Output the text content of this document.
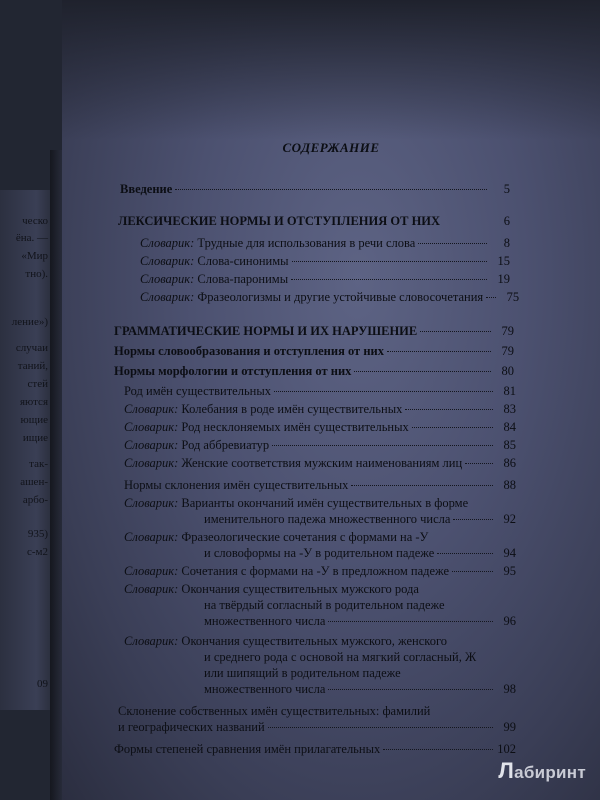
ческо
ёна. —
«Мир
тно).
ление»)
случаи
таний,
стей
яются
ющие
ищие
так-
ашен-
арбо-
935)
с-м2
09
СОДЕРЖАНИЕ
Введение	5
ЛЕКСИЧЕСКИЕ НОРМЫ И ОТСТУПЛЕНИЯ ОТ НИХ	6
Словарик:
Трудные для использования в речи слова	8
Словарик:
Слова-синонимы	15
Словарик:
Слова-паронимы	19
Словарик:
Фразеологизмы и другие устойчивые словосочетания	75
ГРАММАТИЧЕСКИЕ НОРМЫ И ИХ НАРУШЕНИЕ	79
Нормы словообразования и отступления от них	79
Нормы морфологии и отступления от них	80
Род имён существительных	81
Словарик:
Колебания в роде имён существительных	83
Словарик:
Род несклоняемых имён существительных	84
Словарик:
Род аббревиатур	85
Словарик:
Женские соответствия мужским наименованиям лиц	86
Нормы склонения имён существительных	88
Словарик: Варианты окончаний имён существительных в форме
именительного падежа множественного числа	92
Словарик: Фразеологические сочетания с формами на -У
и словоформы на -У в родительном падеже	94
Словарик:
Сочетания с формами на -У в предложном падеже	95
Словарик: Окончания существительных мужского рода
на твёрдый согласный в родительном падеже
множественного числа	96
Словарик: Окончания существительных мужского, женского
и среднего рода с основой на мягкий согласный, Ж
или шипящий в родительном падеже
множественного числа	98
Склонение собственных имён существительных: фамилий
и географических названий	99
Формы степеней сравнения имён прилагательных	102
Лабиринт
